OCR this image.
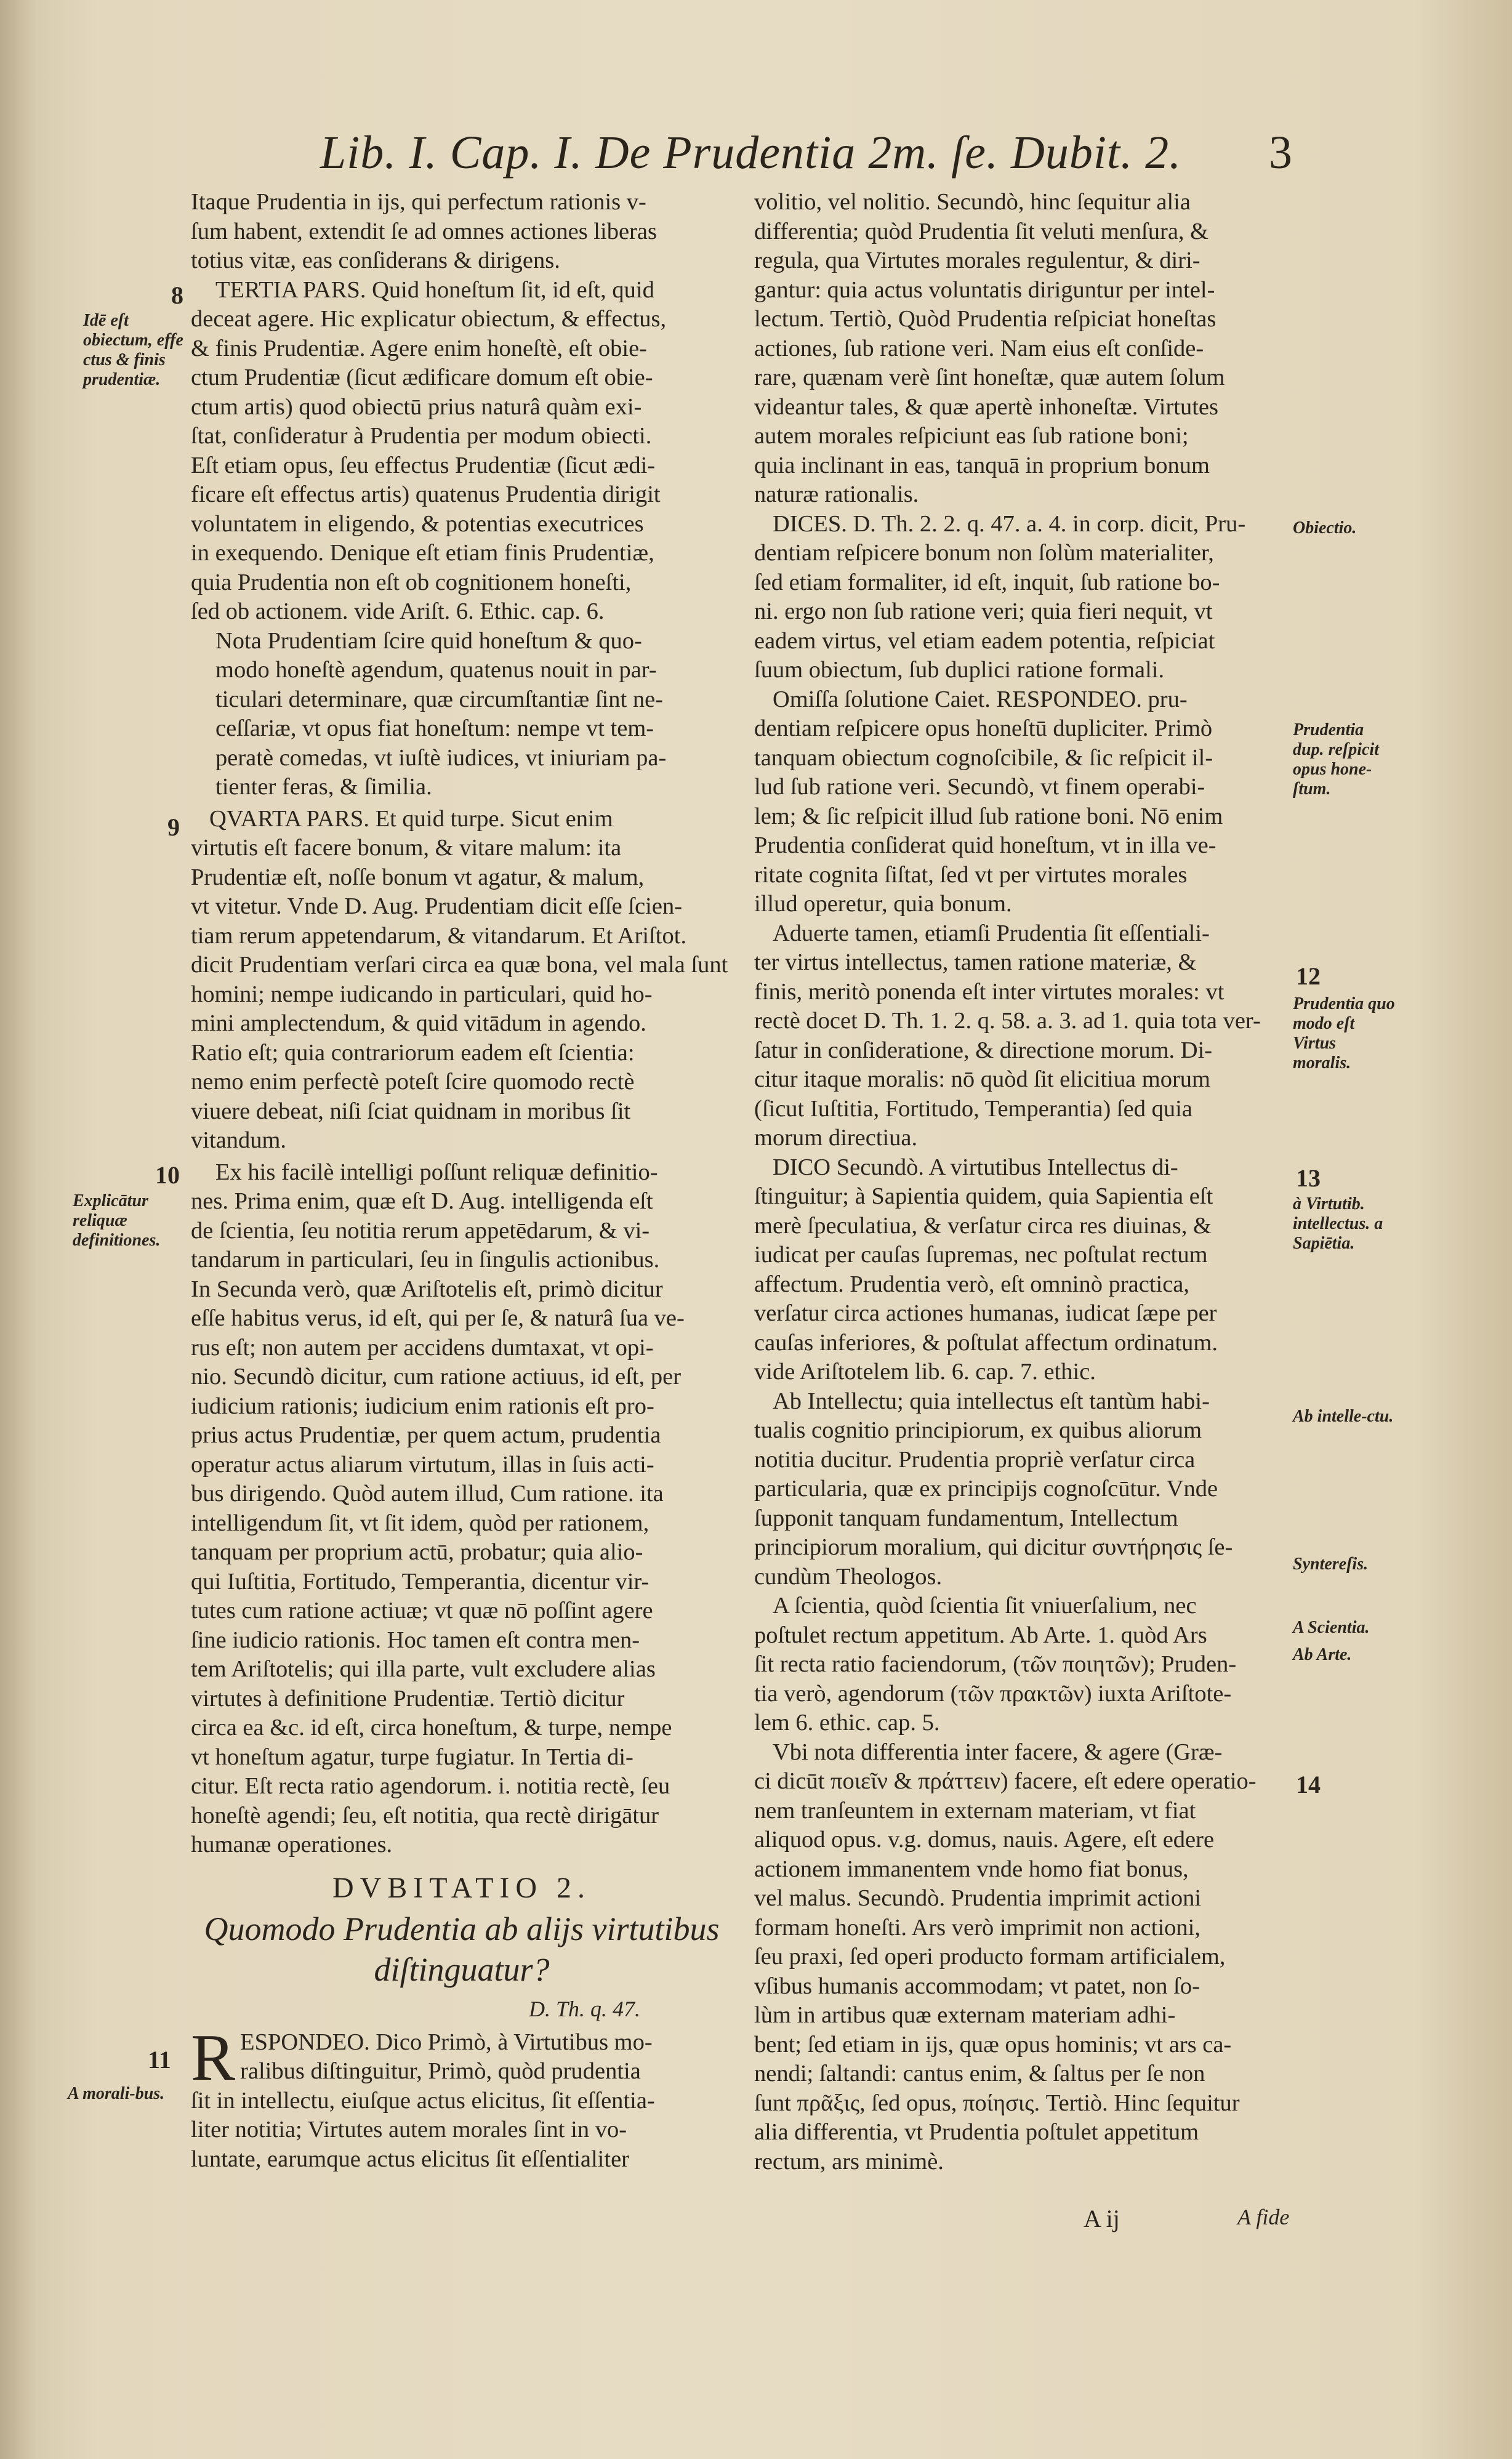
Lib. I. Cap. I. De Prudentia 2m. ſe. Dubit. 2. 3
Itaque Prudentia in ijs, qui perfectum rationis v-
ſum habent, extendit ſe ad omnes actiones liberas
totius vitæ, eas conſiderans & dirigens.
TERTIA PARS. Quid honeſtum ſit, id eſt, quid
deceat agere. Hic explicatur obiectum, & effectus,
& finis Prudentiæ. Agere enim honeſtè, eſt obie-
ctum Prudentiæ (ſicut ædificare domum eſt obie-
ctum artis) quod obiectū prius naturâ quàm exi-
ſtat, conſideratur à Prudentia per modum obiecti.
Eſt etiam opus, ſeu effectus Prudentiæ (ſicut ædi-
ficare eſt effectus artis) quatenus Prudentia dirigit
voluntatem in eligendo, & potentias executrices
in exequendo. Denique eſt etiam finis Prudentiæ,
quia Prudentia non eſt ob cognitionem honeſti,
ſed ob actionem. vide Ariſt. 6. Ethic. cap. 6.
Nota Prudentiam ſcire quid honeſtum & quo-
modo honeſtè agendum, quatenus nouit in par-
ticulari determinare, quæ circumſtantiæ ſint ne-
ceſſariæ, vt opus fiat honeſtum: nempe vt tem-
peratè comedas, vt iuſtè iudices, vt iniuriam pa-
tienter feras, & ſimilia.
QVARTA PARS. Et quid turpe. Sicut enim
virtutis eſt facere bonum, & vitare malum: ita
Prudentiæ eſt, noſſe bonum vt agatur, & malum,
vt vitetur. Vnde D. Aug. Prudentiam dicit eſſe ſcien-
tiam rerum appetendarum, & vitandarum. Et Ariſtot.
dicit Prudentiam verſari circa ea quæ bona, vel mala ſunt
homini; nempe iudicando in particulari, quid ho-
mini amplectendum, & quid vitādum in agendo.
Ratio eſt; quia contrariorum eadem eſt ſcientia:
nemo enim perfectè poteſt ſcire quomodo rectè
viuere debeat, niſi ſciat quidnam in moribus ſit
vitandum.
Ex his facilè intelligi poſſunt reliquæ definitio-
nes. Prima enim, quæ eſt D. Aug. intelligenda eſt
de ſcientia, ſeu notitia rerum appetēdarum, & vi-
tandarum in particulari, ſeu in ſingulis actionibus.
In Secunda verò, quæ Ariſtotelis eſt, primò dicitur
eſſe habitus verus, id eſt, qui per ſe, & naturâ ſua ve-
rus eſt; non autem per accidens dumtaxat, vt opi-
nio. Secundò dicitur, cum ratione actiuus, id eſt, per
iudicium rationis; iudicium enim rationis eſt pro-
prius actus Prudentiæ, per quem actum, prudentia
operatur actus aliarum virtutum, illas in ſuis acti-
bus dirigendo. Quòd autem illud, Cum ratione. ita
intelligendum ſit, vt ſit idem, quòd per rationem,
tanquam per proprium actū, probatur; quia alio-
qui Iuſtitia, Fortitudo, Temperantia, dicentur vir-
tutes cum ratione actiuæ; vt quæ nō poſſint agere
ſine iudicio rationis. Hoc tamen eſt contra men-
tem Ariſtotelis; qui illa parte, vult excludere alias
virtutes à definitione Prudentiæ. Tertiò dicitur
circa ea &c. id eſt, circa honeſtum, & turpe, nempe
vt honeſtum agatur, turpe fugiatur. In Tertia di-
citur. Eſt recta ratio agendorum. i. notitia rectè, ſeu
honeſtè agendi; ſeu, eſt notitia, qua rectè dirigātur
humanæ operationes.
DVBITATIO 2.
Quomodo Prudentia ab alijs virtutibus diſtinguatur?
D. Th. q. 47.
R ESPONDEO. Dico Primò, à Virtutibus mo-
ralibus diſtinguitur, Primò, quòd prudentia
ſit in intellectu, eiuſque actus elicitus, ſit eſſentia-
liter notitia; Virtutes autem morales ſint in vo-
luntate, earumque actus elicitus ſit eſſentialiter
volitio, vel nolitio. Secundò, hinc ſequitur alia
differentia; quòd Prudentia ſit veluti menſura, &
regula, qua Virtutes morales regulentur, & diri-
gantur: quia actus voluntatis diriguntur per intel-
lectum. Tertiò, Quòd Prudentia reſpiciat honeſtas
actiones, ſub ratione veri. Nam eius eſt conſide-
rare, quænam verè ſint honeſtæ, quæ autem ſolum
videantur tales, & quæ apertè inhoneſtæ. Virtutes
autem morales reſpiciunt eas ſub ratione boni;
quia inclinant in eas, tanquā in proprium bonum
naturæ rationalis.
DICES. D. Th. 2. 2. q. 47. a. 4. in corp. dicit, Pru-
dentiam reſpicere bonum non ſolùm materialiter,
ſed etiam formaliter, id eſt, inquit, ſub ratione bo-
ni. ergo non ſub ratione veri; quia fieri nequit, vt
eadem virtus, vel etiam eadem potentia, reſpiciat
ſuum obiectum, ſub duplici ratione formali.
Omiſſa ſolutione Caiet. RESPONDEO. pru-
dentiam reſpicere opus honeſtū dupliciter. Primò
tanquam obiectum cognoſcibile, & ſic reſpicit il-
lud ſub ratione veri. Secundò, vt finem operabi-
lem; & ſic reſpicit illud ſub ratione boni. Nō enim
Prudentia conſiderat quid honeſtum, vt in illa ve-
ritate cognita ſiſtat, ſed vt per virtutes morales
illud operetur, quia bonum.
Aduerte tamen, etiamſi Prudentia ſit eſſentiali-
ter virtus intellectus, tamen ratione materiæ, &
finis, meritò ponenda eſt inter virtutes morales: vt
rectè docet D. Th. 1. 2. q. 58. a. 3. ad 1. quia tota ver-
ſatur in conſideratione, & directione morum. Di-
citur itaque moralis: nō quòd ſit elicitiua morum
(ſicut Iuſtitia, Fortitudo, Temperantia) ſed quia
morum directiua.
DICO Secundò. A virtutibus Intellectus di-
ſtinguitur; à Sapientia quidem, quia Sapientia eſt
merè ſpeculatiua, & verſatur circa res diuinas, &
iudicat per cauſas ſupremas, nec poſtulat rectum
affectum. Prudentia verò, eſt omninò practica,
verſatur circa actiones humanas, iudicat ſæpe per
cauſas inferiores, & poſtulat affectum ordinatum.
vide Ariſtotelem lib. 6. cap. 7. ethic.
Ab Intellectu; quia intellectus eſt tantùm habi-
tualis cognitio principiorum, ex quibus aliorum
notitia ducitur. Prudentia propriè verſatur circa
particularia, quæ ex principijs cognoſcūtur. Vnde
ſupponit tanquam fundamentum, Intellectum
principiorum moralium, qui dicitur συντήρησις ſe-
cundùm Theologos.
A ſcientia, quòd ſcientia ſit vniuerſalium, nec
poſtulet rectum appetitum. Ab Arte. 1. quòd Ars
ſit recta ratio faciendorum, (τῶν ποιητῶν); Pruden-
tia verò, agendorum (τῶν πρακτῶν) iuxta Ariſtote-
lem 6. ethic. cap. 5.
Vbi nota differentia inter facere, & agere (Græ-
ci dicūt ποιεῖν & πράττειν) facere, eſt edere operatio-
nem tranſeuntem in externam materiam, vt fiat
aliquod opus. v.g. domus, nauis. Agere, eſt edere
actionem immanentem vnde homo fiat bonus,
vel malus. Secundò. Prudentia imprimit actioni
formam honeſti. Ars verò imprimit non actioni,
ſeu praxi, ſed operi producto formam artificialem,
vſibus humanis accommodam; vt patet, non ſo-
lùm in artibus quæ externam materiam adhi-
bent; ſed etiam in ijs, quæ opus hominis; vt ars ca-
nendi; ſaltandi: cantus enim, & ſaltus per ſe non
ſunt πρᾶξις, ſed opus, ποίησις. Tertiò. Hinc ſequitur
alia differentia, vt Prudentia poſtulet appetitum
rectum, ars minimè.
8
Idē eſt obiectum, effe ctus & finis prudentiæ.
9
10
Explicātur reliquæ definitiones.
11
A morali-bus.
Obiectio.
Prudentia dup. reſpicit opus hone-ſtum.
12
Prudentia quo modo eſt Virtus moralis.
13
à Virtutib. intellectus. a Sapiētia.
Ab intelle-ctu.
Syntereſis.
A Scientia.
Ab Arte.
14
A ij	A fide
